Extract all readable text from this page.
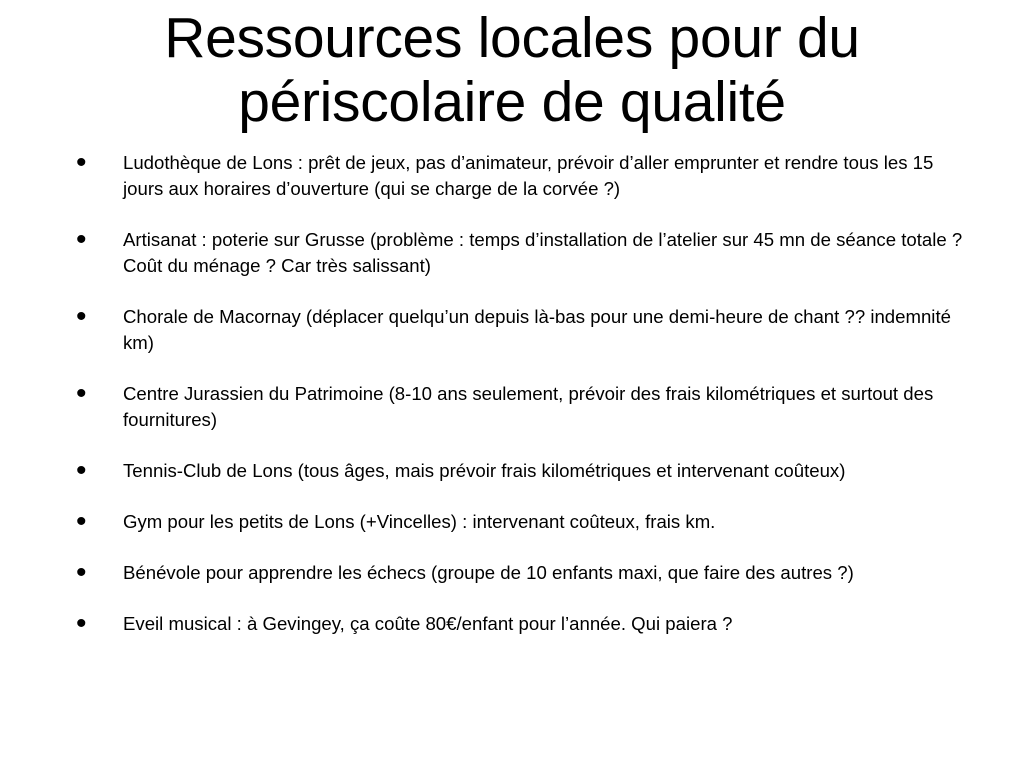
Ressources locales pour du
périscolaire de qualité
• Ludothèque de Lons : prêt de jeux, pas d’animateur, prévoir d’aller emprunter et rendre tous les 15 jours aux horaires d’ouverture (qui se charge de la corvée ?)
• Artisanat : poterie sur Grusse (problème : temps d’installation de l’atelier sur 45 mn de séance totale ? Coût du ménage ? Car très salissant)
• Chorale de Macornay (déplacer quelqu’un depuis là-bas pour une demi-heure de chant ?? indemnité km)
• Centre Jurassien du Patrimoine (8-10 ans seulement, prévoir des frais kilométriques et surtout des fournitures)
• Tennis-Club de Lons (tous âges, mais prévoir frais kilométriques et intervenant coûteux)
• Gym pour les petits de Lons (+Vincelles) : intervenant coûteux, frais km.
• Bénévole pour apprendre les échecs (groupe de 10 enfants maxi, que faire des autres ?)
• Eveil musical : à Gevingey, ça coûte 80€/enfant pour l’année. Qui paiera ?
